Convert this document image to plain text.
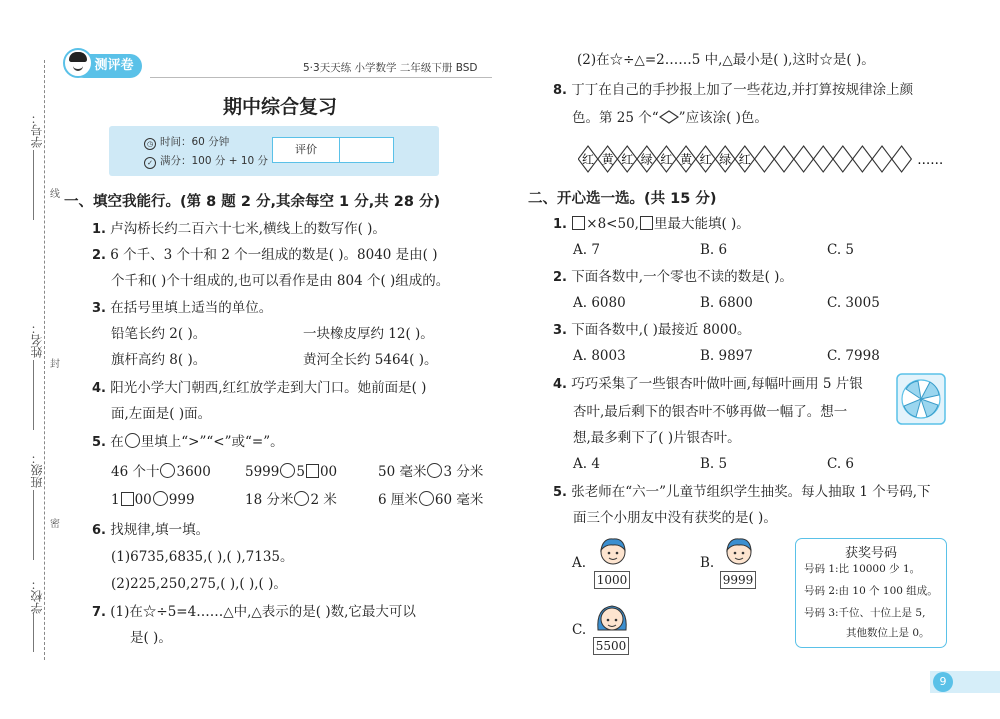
学号：
姓名：
班级：
学校：
线
封
密
测评卷	5·3天天练 小学数学 二年级下册 BSD
期中综合复习
◷ 时间：60 分钟
✓ 满分：100 分 + 10 分
评价
一、填空我能行。(第 8 题 2 分,其余每空 1 分,共 28 分)
1. 卢沟桥长约二百六十七米,横线上的数写作( )。
2. 6 个千、3 个十和 2 个一组成的数是( )。8040 是由( )
个千和( )个十组成的,也可以看作是由 804 个( )组成的。
3. 在括号里填上适当的单位。
铅笔长约 2( )。	一块橡皮厚约 12( )。
旗杆高约 8( )。	黄河全长约 5464( )。
4. 阳光小学大门朝西,红红放学走到大门口。她前面是( )
面,左面是( )面。
5. 在 里填上“>”“<”或“=”。
46 个十 3600	5999 5 00	50 毫米 3 分米
1 00 999	18 分米 2 米	6 厘米 60 毫米
6. 找规律,填一填。
(1)6735,6835,( ),( ),7135。
(2)225,250,275,( ),( ),( )。
7. (1)在☆÷5=4……△中,△表示的是( )数,它最大可以
是( )。
(2)在☆÷△=2……5 中,△最小是( ),这时☆是( )。
8. 丁丁在自己的手抄报上加了一些花边,并打算按规律涂上颜
色。第 25 个“ ”应该涂( )色。
红 黄 红 绿 红 黄 红 绿 红	……
二、开心选一选。(共 15 分)
1. ×8<50, 里最大能填( )。
A. 7	B. 6	C. 5
2. 下面各数中,一个零也不读的数是( )。
A. 6080	B. 6800	C. 3005
3. 下面各数中,( )最接近 8000。
A. 8003	B. 9897	C. 7998
4. 巧巧采集了一些银杏叶做叶画,每幅叶画用 5 片银
杏叶,最后剩下的银杏叶不够再做一幅了。想一
想,最多剩下了( )片银杏叶。
A. 4	B. 5	C. 6
5. 张老师在“六一”儿童节组织学生抽奖。每人抽取 1 个号码,下
面三个小朋友中没有获奖的是( )。
A.
1000
B.
9999
C.
5500
获奖号码
号码 1:比 10000 少 1。
号码 2:由 10 个 100 组成。
号码 3:千位、十位上是 5,
其他数位上是 0。
9
